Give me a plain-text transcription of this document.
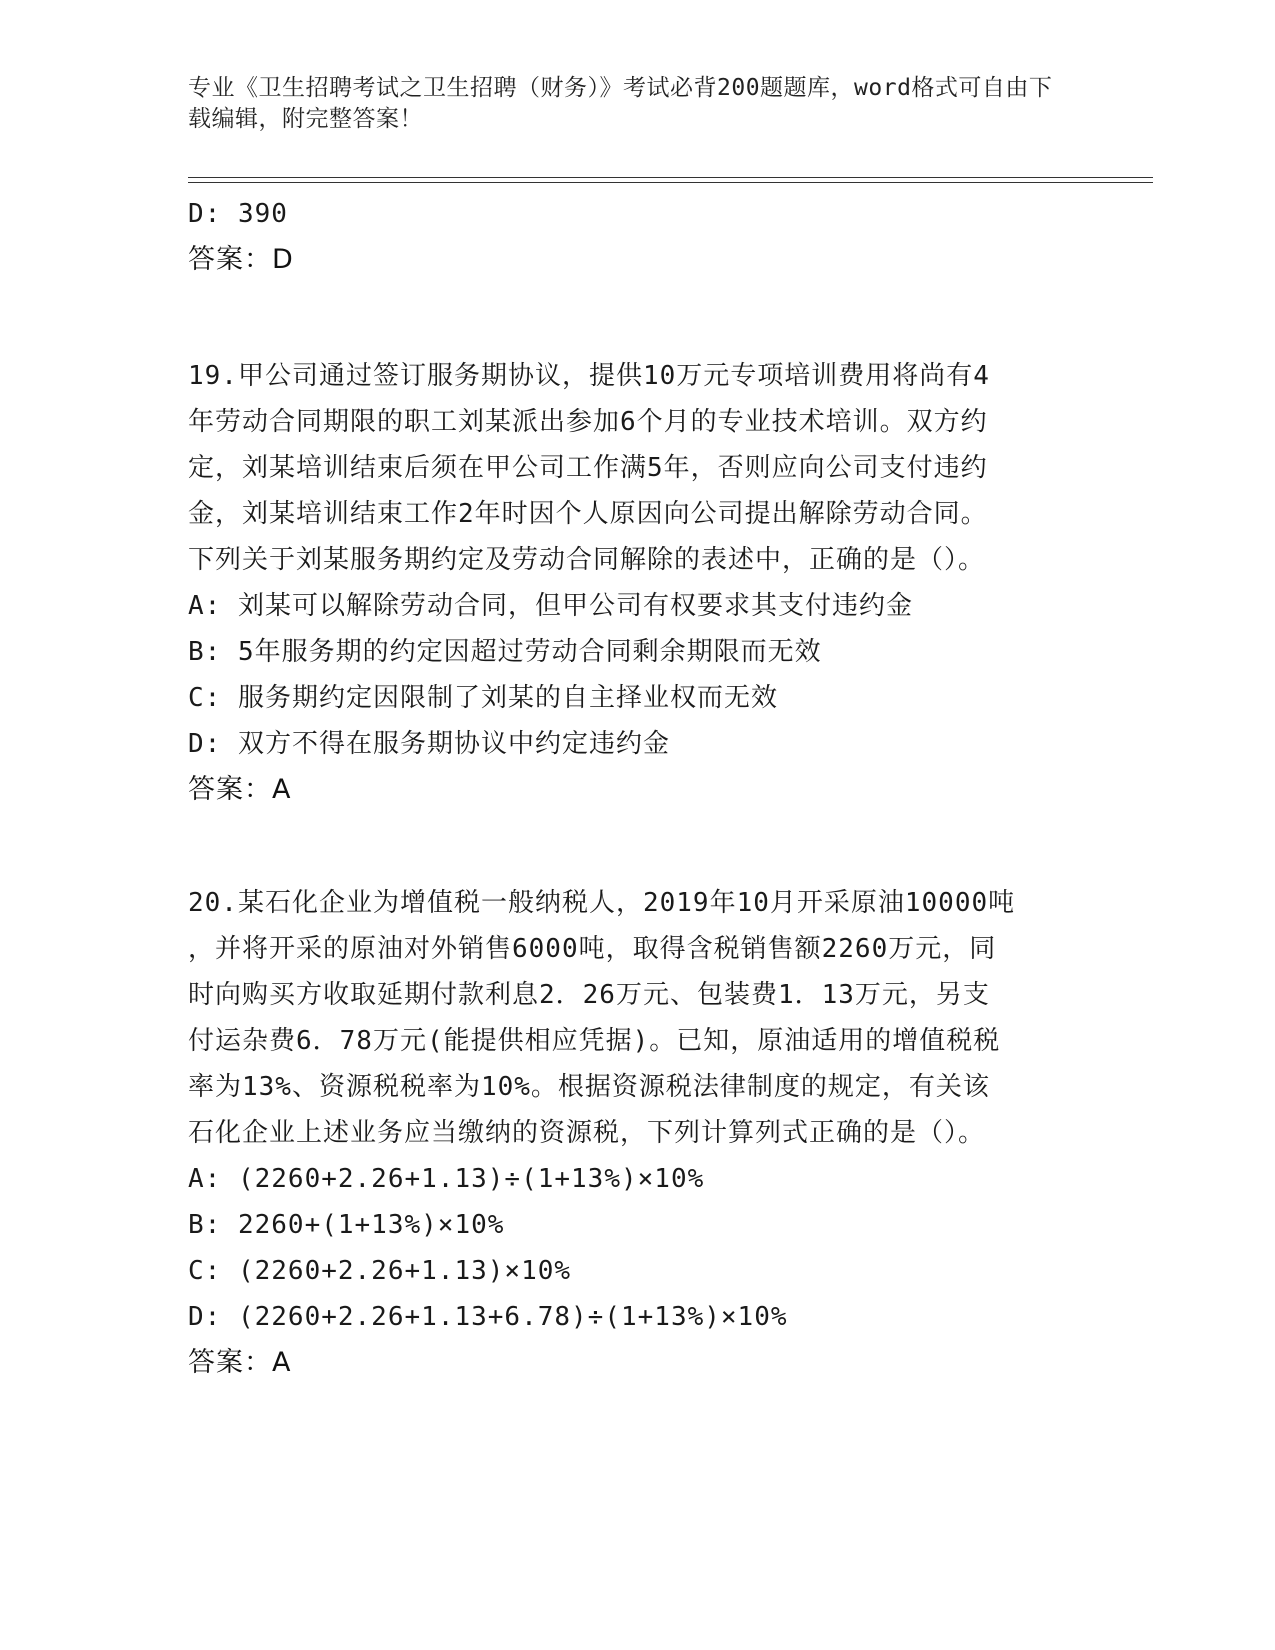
专业《卫生招聘考试之卫生招聘（财务）》考试必背200题题库，word格式可自由下载编辑，附完整答案！
D: 390
答案：D
19.甲公司通过签订服务期协议，提供10万元专项培训费用将尚有4
年劳动合同期限的职工刘某派出参加6个月的专业技术培训。双方约
定，刘某培训结束后须在甲公司工作满5年，否则应向公司支付违约
金，刘某培训结束工作2年时因个人原因向公司提出解除劳动合同。
下列关于刘某服务期约定及劳动合同解除的表述中，正确的是（）。
A: 刘某可以解除劳动合同，但甲公司有权要求其支付违约金
B: 5年服务期的约定因超过劳动合同剩余期限而无效
C: 服务期约定因限制了刘某的自主择业权而无效
D: 双方不得在服务期协议中约定违约金
答案：A
20.某石化企业为增值税一般纳税人，2019年10月开采原油10000吨
，并将开采的原油对外销售6000吨，取得含税销售额2260万元，同
时向购买方收取延期付款利息2．26万元、包装费1．13万元，另支
付运杂费6．78万元(能提供相应凭据)。已知，原油适用的增值税税
率为13%、资源税税率为10%。根据资源税法律制度的规定，有关该
石化企业上述业务应当缴纳的资源税，下列计算列式正确的是（）。
A: (2260+2.26+1.13)÷(1+13%)×10%
B: 2260+(1+13%)×10%
C: (2260+2.26+1.13)×10%
D: (2260+2.26+1.13+6.78)÷(1+13%)×10%
答案：A
